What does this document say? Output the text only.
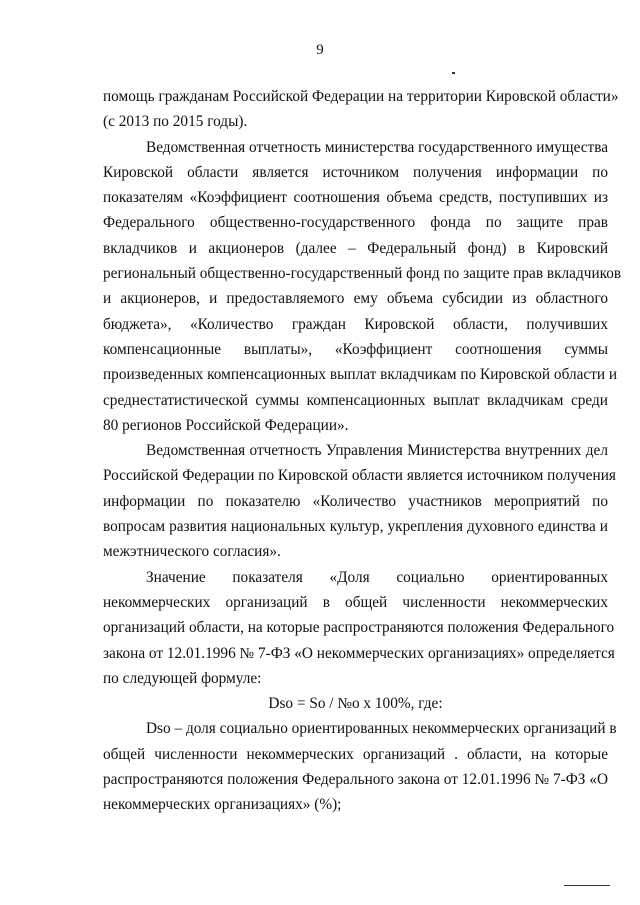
9
помощь гражданам Российской Федерации на территории Кировской области»
(с 2013 по 2015 годы).
Ведомственная отчетность министерства государственного имущества
Кировской области является источником получения информации по
показателям «Коэффициент соотношения объема средств, поступивших из
Федерального общественно-государственного фонда по защите прав
вкладчиков и акционеров (далее – Федеральный фонд) в Кировский
региональный общественно-государственный фонд по защите прав вкладчиков
и акционеров, и предоставляемого ему объема субсидии из областного
бюджета», «Количество граждан Кировской области, получивших
компенсационные выплаты», «Коэффициент соотношения суммы
произведенных компенсационных выплат вкладчикам по Кировской области и
среднестатистической суммы компенсационных выплат вкладчикам среди
80 регионов Российской Федерации».
Ведомственная отчетность Управления Министерства внутренних дел
Российской Федерации по Кировской области является источником получения
информации по показателю «Количество участников мероприятий по
вопросам развития национальных культур, укрепления духовного единства и
межэтнического согласия».
Значение показателя «Доля социально ориентированных
некоммерческих организаций в общей численности некоммерческих
организаций области, на которые распространяются положения Федерального
закона от 12.01.1996 № 7-ФЗ «О некоммерческих организациях» определяется
по следующей формуле:
Dso = So / №о x 100%, где:
Dso – доля социально ориентированных некоммерческих организаций в
общей численности некоммерческих организаций . области, на которые
распространяются положения Федерального закона от 12.01.1996 № 7-ФЗ «О
некоммерческих организациях» (%);
